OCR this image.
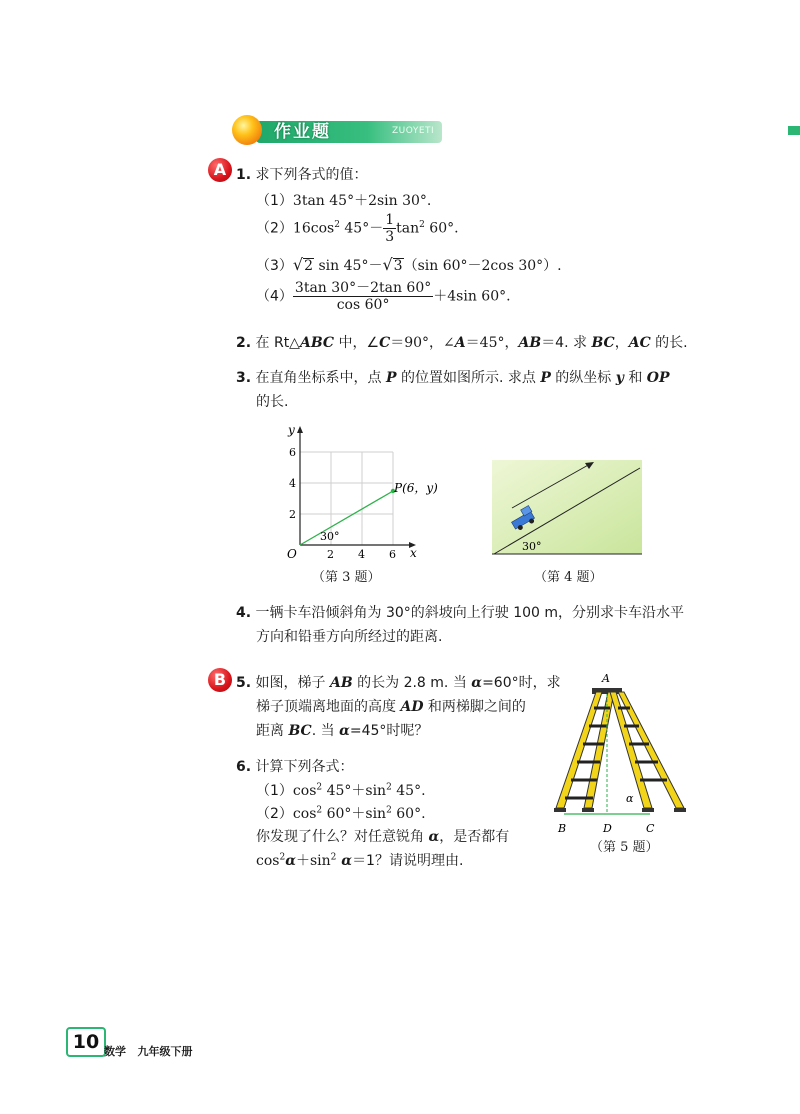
作业题	ZUOYETI
A 1. 求下列各式的值：
（1）3tan 45°＋2sin 30°.
$(2)16\cos^2$ $45^\circ- \frac{1}{3} \tan^2 60^\circ$.
（3） √ 2 sin 45°－ √ 3 （sin 60°－2cos 30°）.
$(4) \frac{3\tan 30^\circ-2\tan 60^\circ}{\cos 60^\circ} +4\sin$ 60°.
2. 在 Rt△ABC 中，∠C＝90°，∠A＝45°，AB＝4. 求 BC，AC 的长.
3. 在直角坐标系中，点 P 的位置如图所示. 求点 P 的纵坐标 y 和 OP
的长.
y
x
O
6
4
2
2 4 6
30°
P(6，y)
（第 3 题）
30°
（第 4 题）
4. 一辆卡车沿倾斜角为 30°的斜坡向上行驶 100 m，分别求卡车沿水平
方向和铅垂方向所经过的距离.
B 5. 如图，梯子 AB 的长为 2.8 m. 当 α=60°时，求
梯子顶端离地面的高度 AD 和两梯脚之间的
距离 BC. 当 α=45°时呢？
6. 计算下列各式：
$(1)\cos^2$ $45^\circ+\sin^2$ 45°.
$(2)\cos^2$ $60^\circ+\sin^2$ 60°.
你发现了什么？对任意锐角 α，是否都有
$\cos^2\alpha+\sin^2$ α＝1？请说明理由.
A
α
B	D	C
（第 5 题）
10 数学 九年级下册
